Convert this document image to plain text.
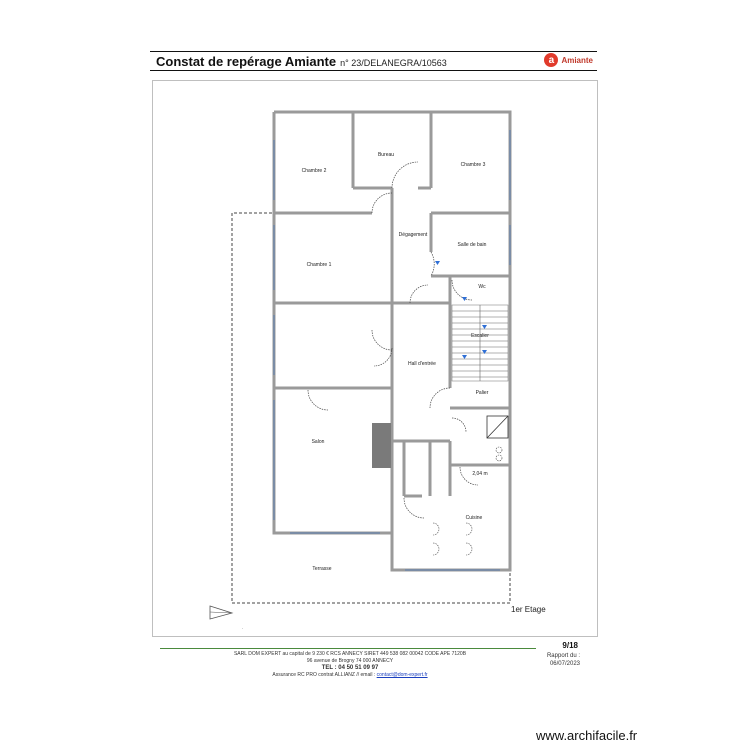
Constat de repérage Amiante n° 23/DELANEGRA/10563	a Amiante
Chambre 2
Bureau
Chambre 3
Dégagement
Salle de bain
Chambre 1
Wc
Escalier
Hall d'entrée
Palier
Salon
2,04 m
Cuisine
Terrasse
∙
1er Etage
SARL DOM EXPERT au capital de 9 230 € RCS ANNECY SIRET 449 538 082 00042 CODE APE 7120B
96 avenue de Brogny 74 000 ANNECY
TEL : 04 50 51 09 97
Assurance RC PRO contrat ALLIANZ // email : contact@dom-expert.fr
9/18
Rapport du :
06/07/2023
www.archifacile.fr
